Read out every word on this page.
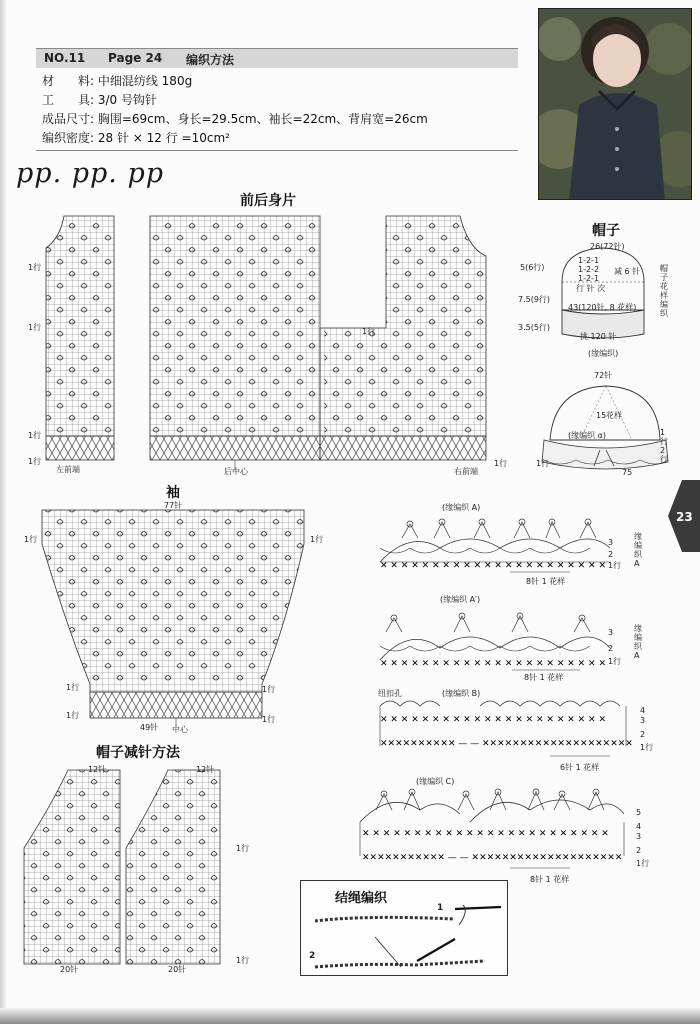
NO.11 Page 24 编织方法
材　　料: 中细混纺线 180g
工　　具: 3/0 号钩针
成品尺寸: 胸围=69cm、身长=29.5cm、袖长=22cm、背肩宽=26cm
编织密度: 28 针 × 12 行 =10cm²
pp. pp. pp
前后身片
1行
1行
1行
1行
1行
1行
左前端	后中心	右前端
帽子
26(72针)
1-2-1
1-2-2
1-2-1
行 针 次
减 6 针
5(6行)
7.5(9行)
3.5(5行)
43(120针, 8 花样)
挑 120 针
(缘编织)
帽子花样编织
72针
15花样
(缘编织 α)	1行 2行
75
1行
袖
77针
1行
1行
1行
1行
1行
1行
49针 中心
帽子减针方法
12针	12针
20针	20针
1行
1行
✕ ✕ ✕ ✕ ✕ ✕ ✕ ✕ ✕ ✕ ✕ ✕ ✕ ✕ ✕ ✕ ✕ ✕ ✕ ✕ ✕ ✕
✕ ✕ ✕ ✕ ✕ ✕ ✕ ✕ ✕ ✕ ✕ ✕ ✕ ✕ ✕ ✕ ✕ ✕ ✕ ✕ ✕ ✕
✕ ✕ ✕ ✕ ✕ ✕ ✕ ✕ ✕ ✕ ✕ ✕ ✕ ✕ ✕ ✕ ✕ ✕ ✕ ✕ ✕ ✕
✕✕✕✕✕✕✕✕✕✕ — — ✕✕✕✕✕✕✕✕✕✕✕✕✕✕✕✕✕✕✕✕
✕ ✕ ✕ ✕ ✕ ✕ ✕ ✕ ✕ ✕ ✕ ✕ ✕ ✕ ✕ ✕ ✕ ✕ ✕ ✕ ✕ ✕ ✕ ✕
✕✕✕✕✕✕✕✕✕✕✕ — — ✕✕✕✕✕✕✕✕✕✕✕✕✕✕✕✕✕✕✕✕
(缘编织 A)
8针 1 花样
缘编织 A
3
2
1行
(缘编织 A′)
8针 1 花样
缘编织 A
3
2
1行
纽扣孔	(缘编织 B)
6针 1 花样
4
3
2
1行
(缘编织 C)
8针 1 花样
5
4
3
2
1行
23
结绳编织
1
2
